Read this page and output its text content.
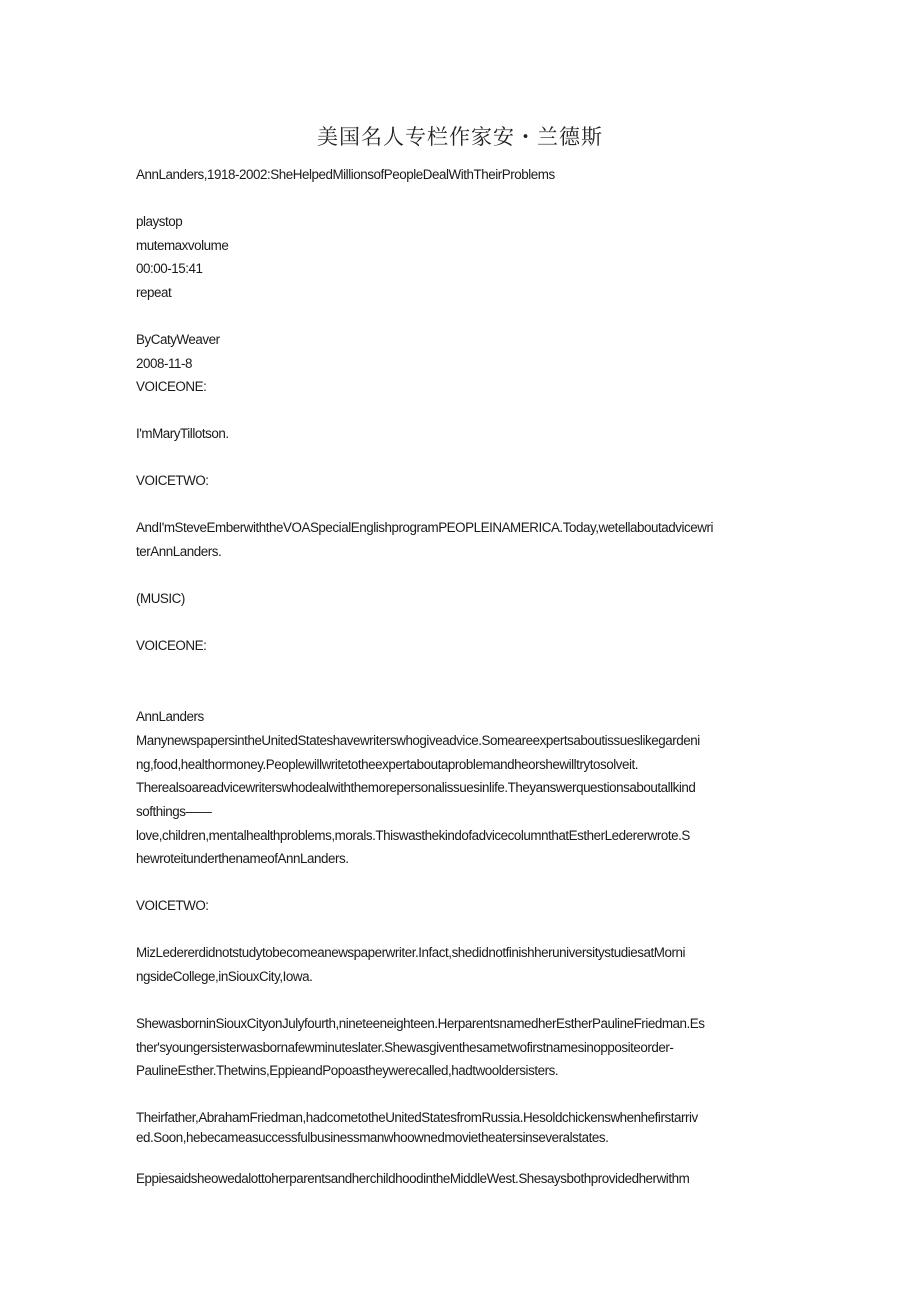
美国名人专栏作家安・兰德斯
AnnLanders,1918-2002:SheHelpedMillionsofPeopleDealWithTheirProblems
playstop
mutemaxvolume
00:00-15:41
repeat
ByCatyWeaver
2008-11-8
VOICEONE:
I'mMaryTillotson.
VOICETWO:
AndI'mSteveEmberwiththeVOASpecialEnglishprogramPEOPLEINAMERICA.Today,wetellaboutadvicewri
terAnnLanders.
(MUSIC)
VOICEONE:
AnnLanders
ManynewspapersintheUnitedStateshavewriterswhogiveadvice.Someareexpertsaboutissueslikegardeni
ng,food,healthormoney.Peoplewillwritetotheexpertaboutaproblemandheorshewilltrytosolveit.
Therealsoareadvicewriterswhodealwiththemorepersonalissuesinlife.Theyanswerquestionsaboutallkind
softhings——
love,children,mentalhealthproblems,morals.ThiswasthekindofadvicecolumnthatEstherLedererwrote.S
hewroteitunderthenameofAnnLanders.
VOICETWO:
MizLedererdidnotstudytobecomeanewspaperwriter.Infact,shedidnotfinishheruniversitystudiesatMorni
ngsideCollege,inSiouxCity,Iowa.
ShewasborninSiouxCityonJulyfourth,nineteeneighteen.HerparentsnamedherEstherPaulineFriedman.Es
ther'syoungersisterwasbornafewminuteslater.Shewasgiventhesametwofirstnamesinoppositeorder-
PaulineEsther.Thetwins,EppieandPopoastheywerecalled,hadtwooldersisters.
Theirfather,AbrahamFriedman,hadcometotheUnitedStatesfromRussia.Hesoldchickenswhenhefirstarriv
ed.Soon,hebecameasuccessfulbusinessmanwhoownedmovietheatersinseveralstates.
EppiesaidsheowedalottoherparentsandherchildhoodintheMiddleWest.Shesaysbothprovidedherwithm
